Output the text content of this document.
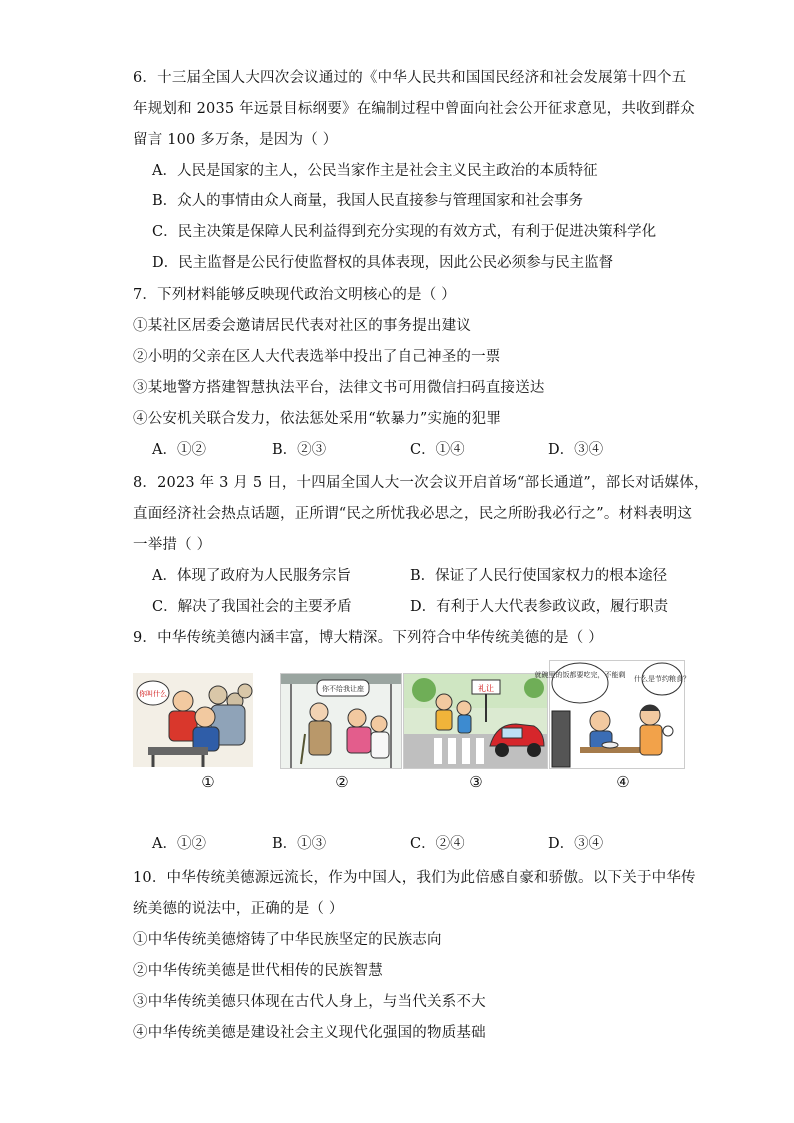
6．十三届全国人大四次会议通过的《中华人民共和国国民经济和社会发展第十四个五
年规划和 2035 年远景目标纲要》在编制过程中曾面向社会公开征求意见，共收到群众
留言 100 多万条，是因为（ ）
A．人民是国家的主人，公民当家作主是社会主义民主政治的本质特征
B．众人的事情由众人商量，我国人民直接参与管理国家和社会事务
C．民主决策是保障人民利益得到充分实现的有效方式，有利于促进决策科学化
D．民主监督是公民行使监督权的具体表现，因此公民必须参与民主监督
7．下列材料能够反映现代政治文明核心的是（ ）
①某社区居委会邀请居民代表对社区的事务提出建议
②小明的父亲在区人大代表选举中投出了自己神圣的一票
③某地警方搭建智慧执法平台，法律文书可用微信扫码直接送达
④公安机关联合发力，依法惩处采用“软暴力”实施的犯罪
A．①②	B．②③	C．①④	D．③④
8．2023 年 3 月 5 日，十四届全国人大一次会议开启首场“部长通道”，部长对话媒体，
直面经济社会热点话题，正所谓“民之所忧我必思之，民之所盼我必行之”。材料表明这
一举措（ ）
A．体现了政府为人民服务宗旨	B．保证了人民行使国家权力的根本途径
C．解决了我国社会的主要矛盾	D．有利于人大代表参政议政，履行职责
9．中华传统美德内涵丰富，博大精深。下列符合中华传统美德的是（ ）
你叫什么
①
你不给我让座
②
礼让
③
就碗里的饭都要吃完，不能剩 什么是节约粮食？
④
A．①②	B．①③	C．②④	D．③④
10．中华传统美德源远流长，作为中国人，我们为此倍感自豪和骄傲。以下关于中华传
统美德的说法中，正确的是（ ）
①中华传统美德熔铸了中华民族坚定的民族志向
②中华传统美德是世代相传的民族智慧
③中华传统美德只体现在古代人身上，与当代关系不大
④中华传统美德是建设社会主义现代化强国的物质基础
